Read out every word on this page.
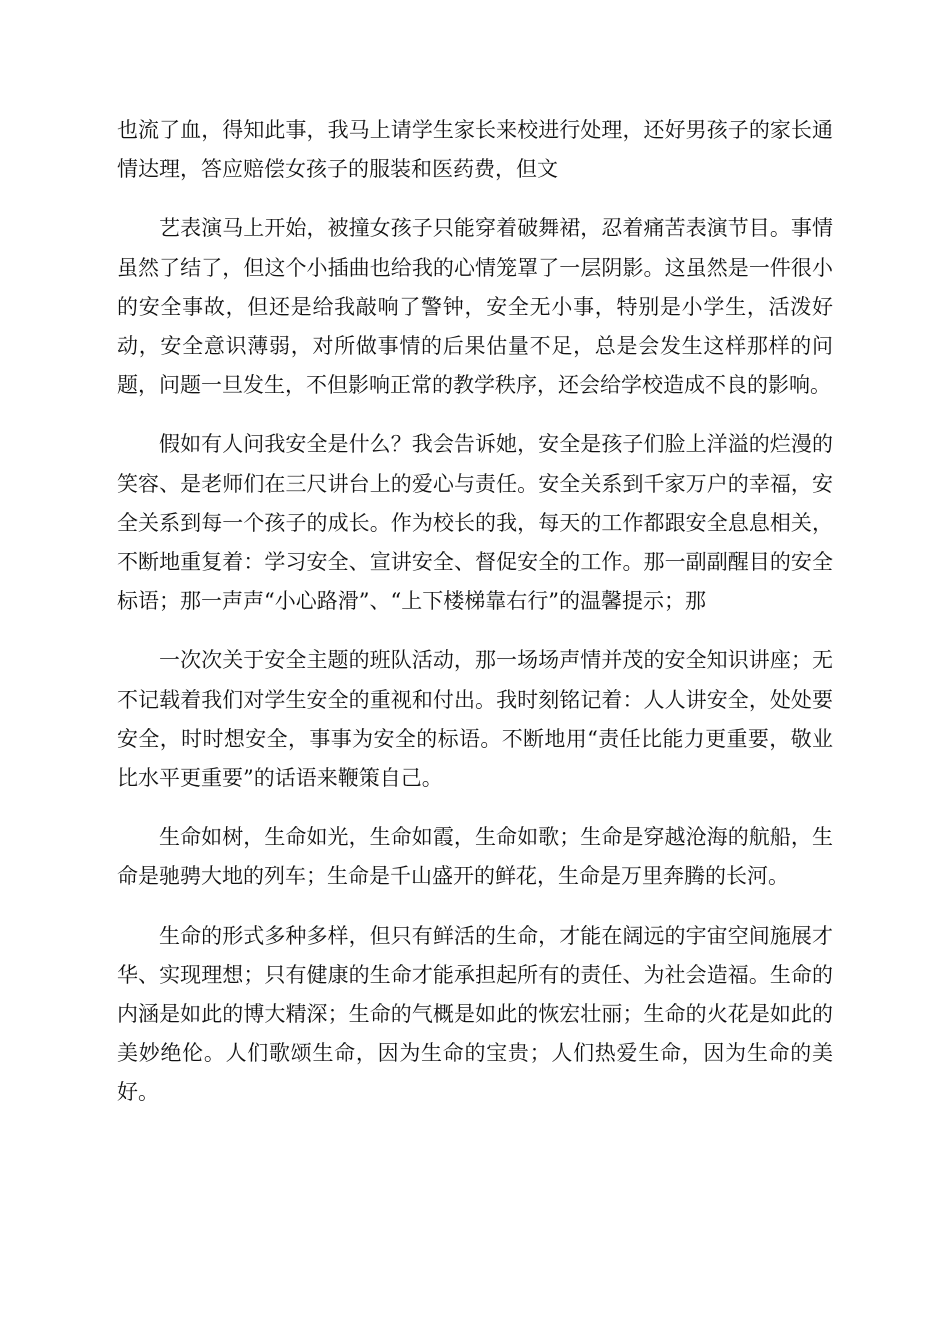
也流了血，得知此事，我马上请学生家长来校进行处理，还好男孩子的家长通情达理，答应赔偿女孩子的服装和医药费，但文

艺表演马上开始，被撞女孩子只能穿着破舞裙，忍着痛苦表演节目。事情虽然了结了，但这个小插曲也给我的心情笼罩了一层阴影。这虽然是一件很小的安全事故，但还是给我敲响了警钟，安全无小事，特别是小学生，活泼好动，安全意识薄弱，对所做事情的后果估量不足，总是会发生这样那样的问题，问题一旦发生，不但影响正常的教学秩序，还会给学校造成不良的影响。

假如有人问我安全是什么？我会告诉她，安全是孩子们脸上洋溢的烂漫的笑容、是老师们在三尺讲台上的爱心与责任。安全关系到千家万户的幸福，安全关系到每一个孩子的成长。作为校长的我，每天的工作都跟安全息息相关，不断地重复着：学习安全、宣讲安全、督促安全的工作。那一副副醒目的安全标语；那一声声“小心路滑”、“上下楼梯靠右行”的温馨提示；那

一次次关于安全主题的班队活动，那一场场声情并茂的安全知识讲座；无不记载着我们对学生安全的重视和付出。我时刻铭记着：人人讲安全，处处要安全，时时想安全，事事为安全的标语。不断地用“责任比能力更重要，敬业比水平更重要”的话语来鞭策自己。

生命如树，生命如光，生命如霞，生命如歌；生命是穿越沧海的航船，生命是驰骋大地的列车；生命是千山盛开的鲜花，生命是万里奔腾的长河。

生命的形式多种多样，但只有鲜活的生命，才能在阔远的宇宙空间施展才华、实现理想；只有健康的生命才能承担起所有的责任、为社会造福。生命的内涵是如此的博大精深；生命的气概是如此的恢宏壮丽；生命的火花是如此的美妙绝伦。人们歌颂生命，因为生命的宝贵；人们热爱生命，因为生命的美好。
